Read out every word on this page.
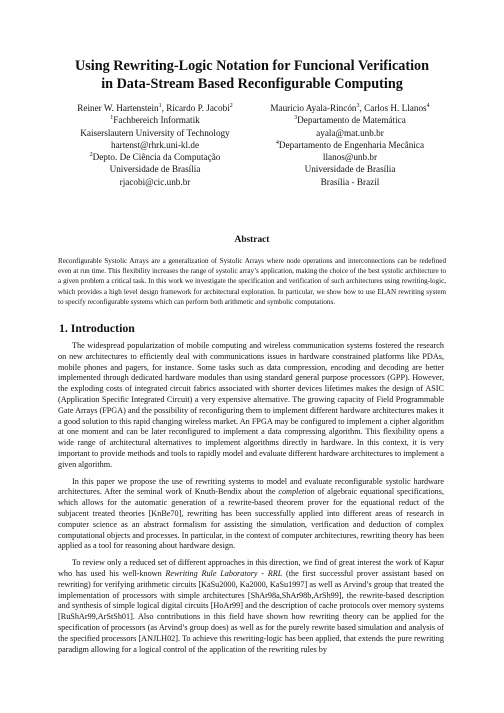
Using Rewriting-Logic Notation for Funcional Verification
in Data-Stream Based Reconfigurable Computing
Reiner W. Hartenstein$^1$, Ricardo P. Jacobi$^2$
$^1$Fachbereich Informatik
Kaiserslautern University of Technology
hartenst@rhrk.uni-kl.de
$^2$Depto. De Ciência da Computação
Universidade de Brasília
rjacobi@cic.unb.br
Mauricio Ayala-Rincón$^3$, Carlos H. Llanos$^4$
$^3$Departamento de Matemática
ayala@mat.unb.br
$^4$Departamento de Engenharia Mecânica
llanos@unb.br
Universidade de Brasília
Brasília - Brazil
Abstract
Reconfigurable Systolic Arrays are a generalization of Systolic Arrays where node operations and interconnections can be redefined even at run time. This flexibility increases the range of systolic array’s application, making the choice of the best systolic architecture to a given problem a critical task. In this work we investigate the specification and verification of such architectures using rewriting-logic, which provides a high level design framework for architectural exploration. In particular, we show how to use ELAN rewriting system to specify reconfigurable systems which can perform both arithmetic and symbolic computations.
1. Introduction

The widespread popularization of mobile computing and wireless communication systems fostered the research on new architectures to efficiently deal with communications issues in hardware constrained platforms like PDAs, mobile phones and pagers, for instance. Some tasks such as data compression, encoding and decoding are better implemented through dedicated hardware modules than using standard general purpose processors (GPP). However, the exploding costs of integrated circuit fabrics associated with shorter devices lifetimes makes the design of ASIC (Application Specific Integrated Circuit) a very expensive alternative. The growing capacity of Field Programmable Gate Arrays (FPGA) and the possibility of reconfiguring them to implement different hardware architectures makes it a good solution to this rapid changing wireless market. An FPGA may be configured to implement a cipher algorithm at one moment and can be later reconfigured to implement a data compressing algorithm. This flexibility opens a wide range of architectural alternatives to implement algorithms directly in hardware. In this context, it is very important to provide methods and tools to rapidly model and evaluate different hardware architectures to implement a given algorithm.

In this paper we propose the use of rewriting systems to model and evaluate reconfigurable systolic hardware architectures. After the seminal work of Knuth-Bendix about the completion of algebraic equational specifications, which allows for the automatic generation of a rewrite-based theorem prover for the equational reduct of the subjacent treated theories [KnBe70], rewriting has been successfully applied into different areas of research in computer science as an abstract formalism for assisting the simulation, verification and deduction of complex computational objects and processes. In particular, in the context of computer architectures, rewriting theory has been applied as a tool for reasoning about hardware design.

To review only a reduced set of different approaches in this direction, we find of great interest the work of Kapur who has used his well-known Rewriting Rule Laboratory - RRL (the first successful prover assistant based on rewriting) for verifying arithmetic circuits [KaSu2000, Ka2000, KaSu1997] as well as Arvind’s group that treated the implementation of processors with simple architectures [ShAr98a,ShAr98b,ArSh99], the rewrite-based description and synthesis of simple logical digital circuits [HoAr99] and the description of cache protocols over memory systems [RuShAr99,ArStSh01]. Also contributions in this field have shown how rewriting theory can be applied for the specification of processors (as Arvind’s group does) as well as for the purely rewrite based simulation and analysis of the specified processors [ANJLH02]. To achieve this rewriting-logic has been applied, that extends the pure rewriting paradigm allowing for a logical control of the application of the rewriting rules by
